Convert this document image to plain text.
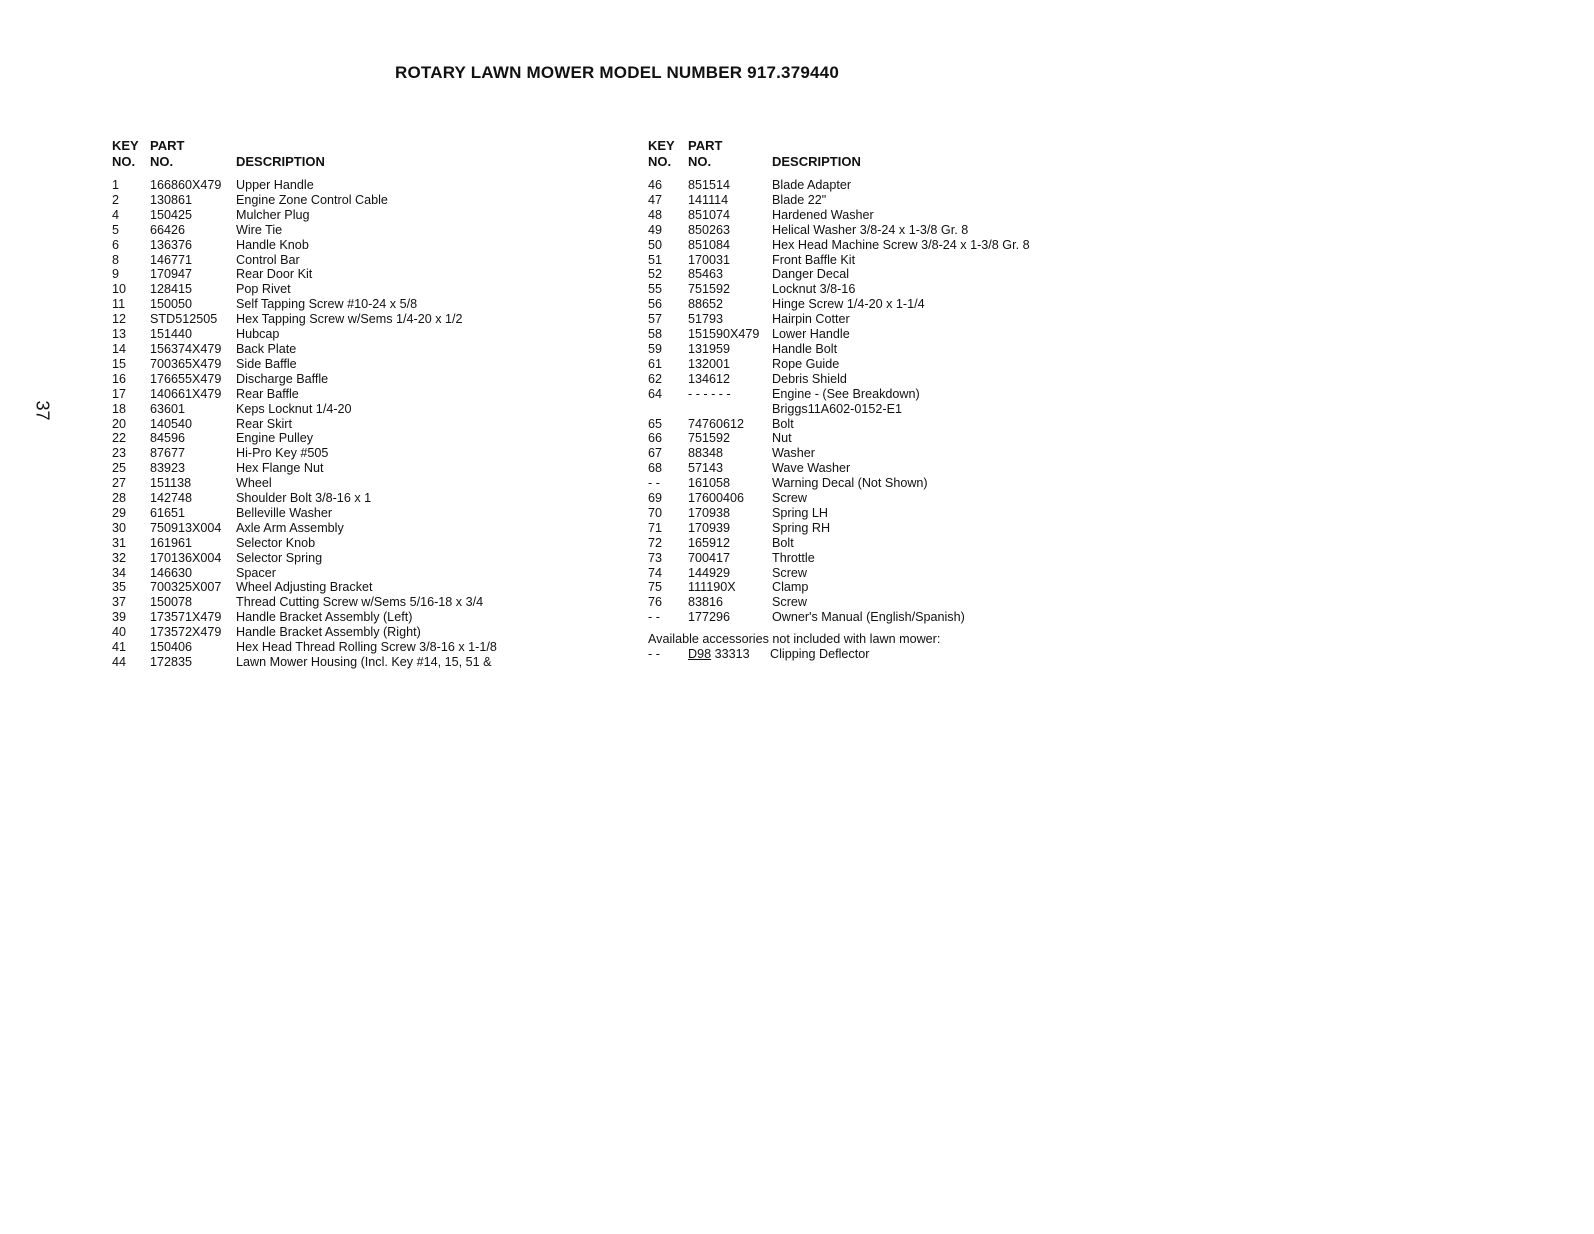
ROTARY LAWN MOWER MODEL NUMBER 917.379440
37
KEY
NO.
PART
NO.	DESCRIPTION
1	166860X479	Upper Handle
2	130861	Engine Zone Control Cable
4	150425	Mulcher Plug
5	66426	Wire Tie
6	136376	Handle Knob
8	146771	Control Bar
9	170947	Rear Door Kit
10	128415	Pop Rivet
11	150050	Self Tapping Screw #10-24 x 5/8
12	STD512505	Hex Tapping Screw w/Sems 1/4-20 x 1/2
13	151440	Hubcap
14	156374X479	Back Plate
15	700365X479	Side Baffle
16	176655X479	Discharge Baffle
17	140661X479	Rear Baffle
18	63601	Keps Locknut 1/4-20
20	140540	Rear Skirt
22	84596	Engine Pulley
23	87677	Hi-Pro Key #505
25	83923	Hex Flange Nut
27	151138	Wheel
28	142748	Shoulder Bolt 3/8-16 x 1
29	61651	Belleville Washer
30	750913X004	Axle Arm Assembly
31	161961	Selector Knob
32	170136X004	Selector Spring
34	146630	Spacer
35	700325X007	Wheel Adjusting Bracket
37	150078	Thread Cutting Screw w/Sems 5/16-18 x 3/4
39	173571X479	Handle Bracket Assembly (Left)
40	173572X479	Handle Bracket Assembly (Right)
41	150406	Hex Head Thread Rolling Screw 3/8-16 x 1-1/8
44	172835	Lawn Mower Housing (Incl. Key #14, 15, 51 &
KEY
NO.
PART
NO.	DESCRIPTION
46	851514	Blade Adapter
47	141114	Blade 22"
48	851074	Hardened Washer
49	850263	Helical Washer 3/8-24 x 1-3/8 Gr. 8
50	851084	Hex Head Machine Screw 3/8-24 x 1-3/8 Gr. 8
51	170031	Front Baffle Kit
52	85463	Danger Decal
55	751592	Locknut 3/8-16
56	88652	Hinge Screw 1/4-20 x 1-1/4
57	51793	Hairpin Cotter
58	151590X479 Lower Handle
59	131959	Handle Bolt
61	132001	Rope Guide
62	134612	Debris Shield
64	- - - - - -	Engine - (See Breakdown)
Briggs11A602-0152-E1
65	74760612	Bolt
66	751592	Nut
67	88348	Washer
68	57143	Wave Washer
- -	161058	Warning Decal (Not Shown)
69	17600406	Screw
70	170938	Spring LH
71	170939	Spring RH
72	165912	Bolt
73	700417	Throttle
74	144929	Screw
75	111190X	Clamp
76	83816	Screw
- -	177296	Owner's Manual (English/Spanish)
Available accessories not included with lawn mower:
- -	D98 33313	Clipping Deflector
